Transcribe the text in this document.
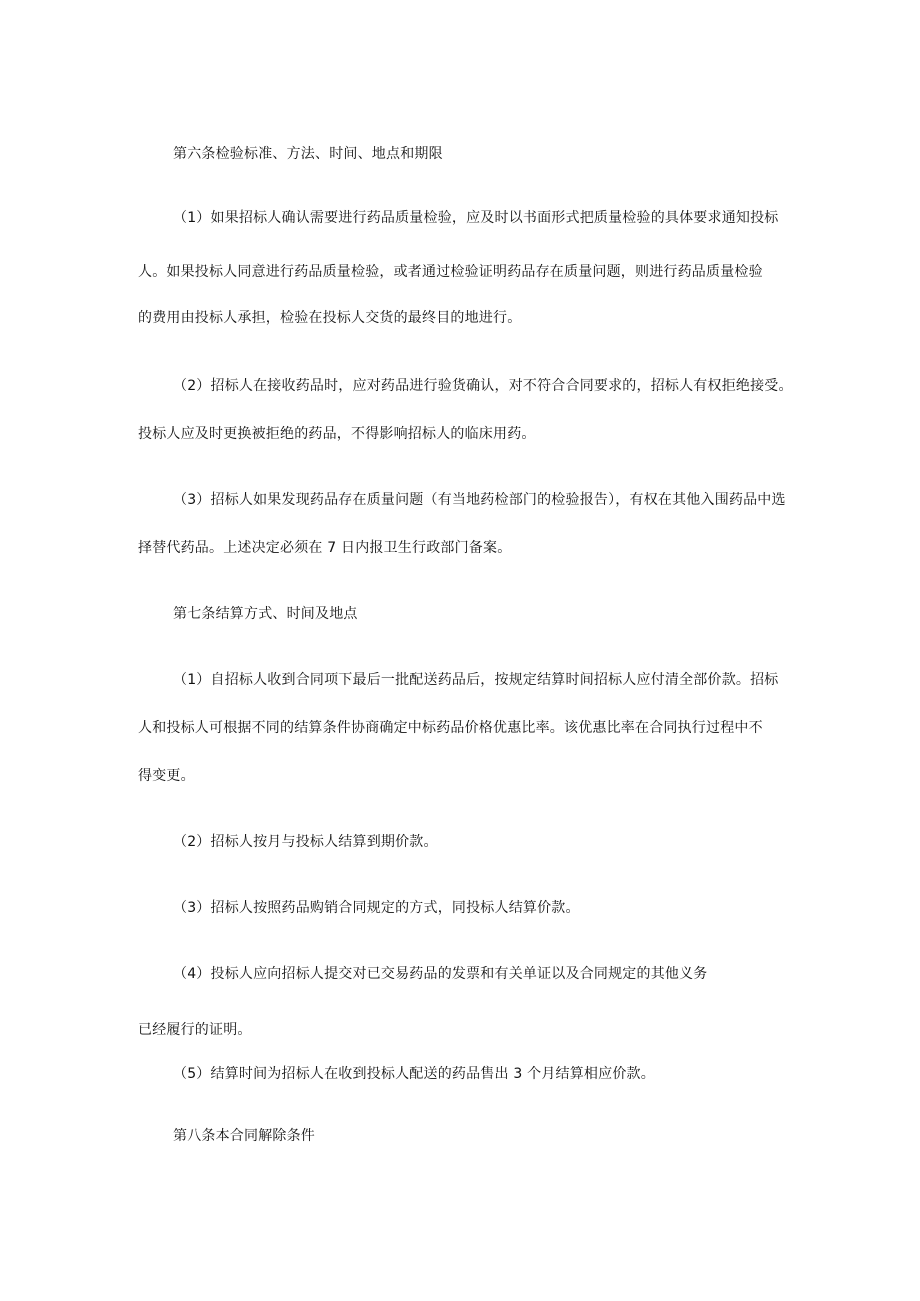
第六条检验标准、方法、时间、地点和期限
（1）如果招标人确认需要进行药品质量检验，应及时以书面形式把质量检验的具体要求通知投标
人。如果投标人同意进行药品质量检验，或者通过检验证明药品存在质量问题，则进行药品质量检验
的费用由投标人承担，检验在投标人交货的最终目的地进行。
（2）招标人在接收药品时，应对药品进行验货确认，对不符合合同要求的，招标人有权拒绝接受。
投标人应及时更换被拒绝的药品，不得影响招标人的临床用药。
（3）招标人如果发现药品存在质量问题（有当地药检部门的检验报告），有权在其他入围药品中选
择替代药品。上述决定必须在 7 日内报卫生行政部门备案。
第七条结算方式、时间及地点
（1）自招标人收到合同项下最后一批配送药品后，按规定结算时间招标人应付清全部价款。招标
人和投标人可根据不同的结算条件协商确定中标药品价格优惠比率。该优惠比率在合同执行过程中不
得变更。
（2）招标人按月与投标人结算到期价款。
（3）招标人按照药品购销合同规定的方式，同投标人结算价款。
（4）投标人应向招标人提交对已交易药品的发票和有关单证以及合同规定的其他义务
已经履行的证明。
（5）结算时间为招标人在收到投标人配送的药品售出 3 个月结算相应价款。
第八条本合同解除条件
